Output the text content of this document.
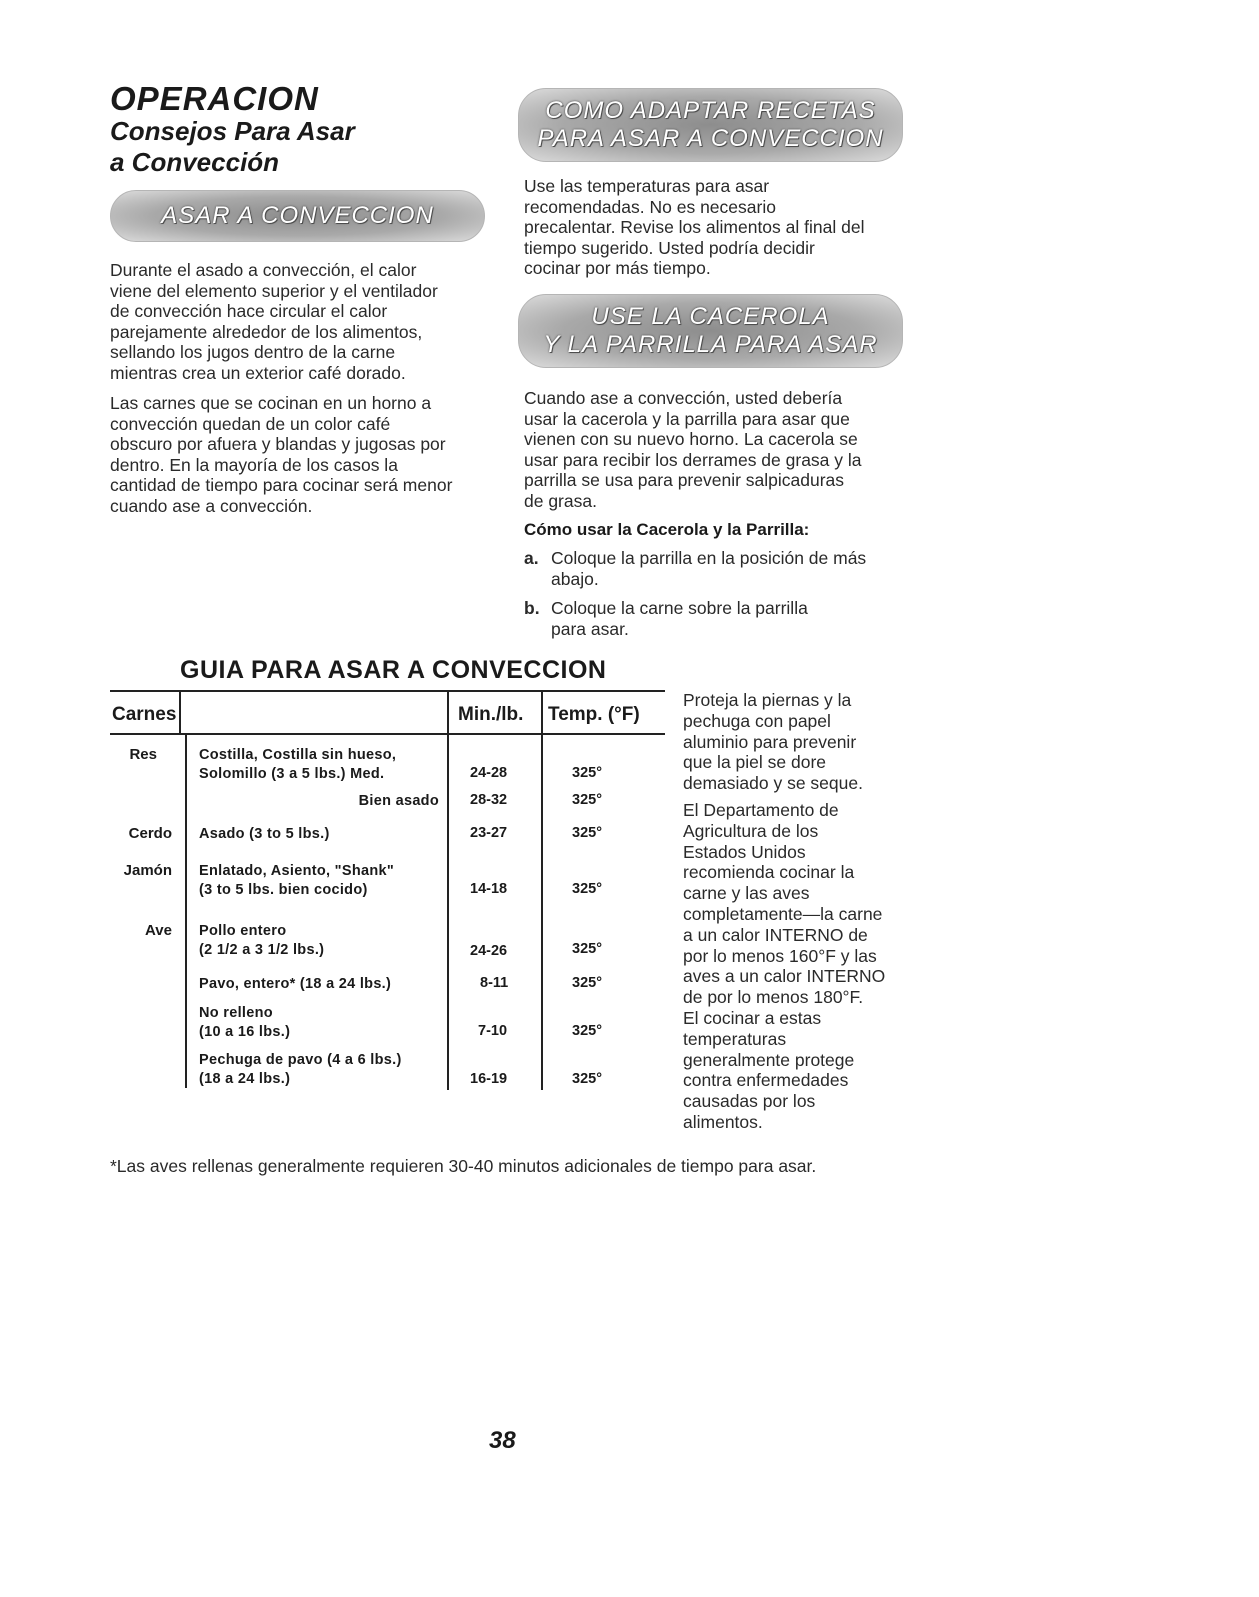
OPERACION
Consejos Para Asar
a Convección
ASAR A CONVECCION
Durante el asado a convección, el calor
viene del elemento superior y el ventilador
de convección hace circular el calor
parejamente alrededor de los alimentos,
sellando los jugos dentro de la carne
mientras crea un exterior café dorado.
Las carnes que se cocinan en un horno a
convección quedan de un color café
obscuro por afuera y blandas y jugosas por
dentro. En la mayoría de los casos la
cantidad de tiempo para cocinar será menor
cuando ase a convección.
COMO ADAPTAR RECETAS
PARA ASAR A CONVECCION
Use las temperaturas para asar
recomendadas. No es necesario
precalentar. Revise los alimentos al final del
tiempo sugerido. Usted podría decidir
cocinar por más tiempo.
USE LA CACEROLA
Y LA PARRILLA PARA ASAR
Cuando ase a convección, usted debería
usar la cacerola y la parrilla para asar que
vienen con su nuevo horno. La cacerola se
usar para recibir los derrames de grasa y la
parrilla se usa para prevenir salpicaduras
de grasa.

Cómo usar la Cacerola y la Parrilla:

a. Coloque la parrilla en la posición de más
abajo.
b. Coloque la carne sobre la parrilla
para asar.
GUIA PARA ASAR A CONVECCION
Carnes	Min./lb. Temp. (°F)
Res	Costilla, Costilla sin hueso,
Solomillo (3 a 5 lbs.) Med.	24-28	325°
Bien asado 28-32	325°
Cerdo Asado (3 to 5 lbs.)	23-27	325°
Jamón Enlatado, Asiento, "Shank"
(3 to 5 lbs. bien cocido)	14-18	325°
Ave Pollo entero
(2 1/2 a 3 1/2 lbs.)	24-26	325°
Pavo, entero* (18 a 24 lbs.)	8-11	325°
No relleno
(10 a 16 lbs.)	7-10	325°
Pechuga de pavo (4 a 6 lbs.)
(18 a 24 lbs.)	16-19	325°
Proteja la piernas y la
pechuga con papel
aluminio para prevenir
que la piel se dore
demasiado y se seque.
El Departamento de
Agricultura de los
Estados Unidos
recomienda cocinar la
carne y las aves
completamente—la carne
a un calor INTERNO de
por lo menos 160°F y las
aves a un calor INTERNO
de por lo menos 180°F.
El cocinar a estas
temperaturas
generalmente protege
contra enfermedades
causadas por los
alimentos.
*Las aves rellenas generalmente requieren 30-40 minutos adicionales de tiempo para asar.
38
